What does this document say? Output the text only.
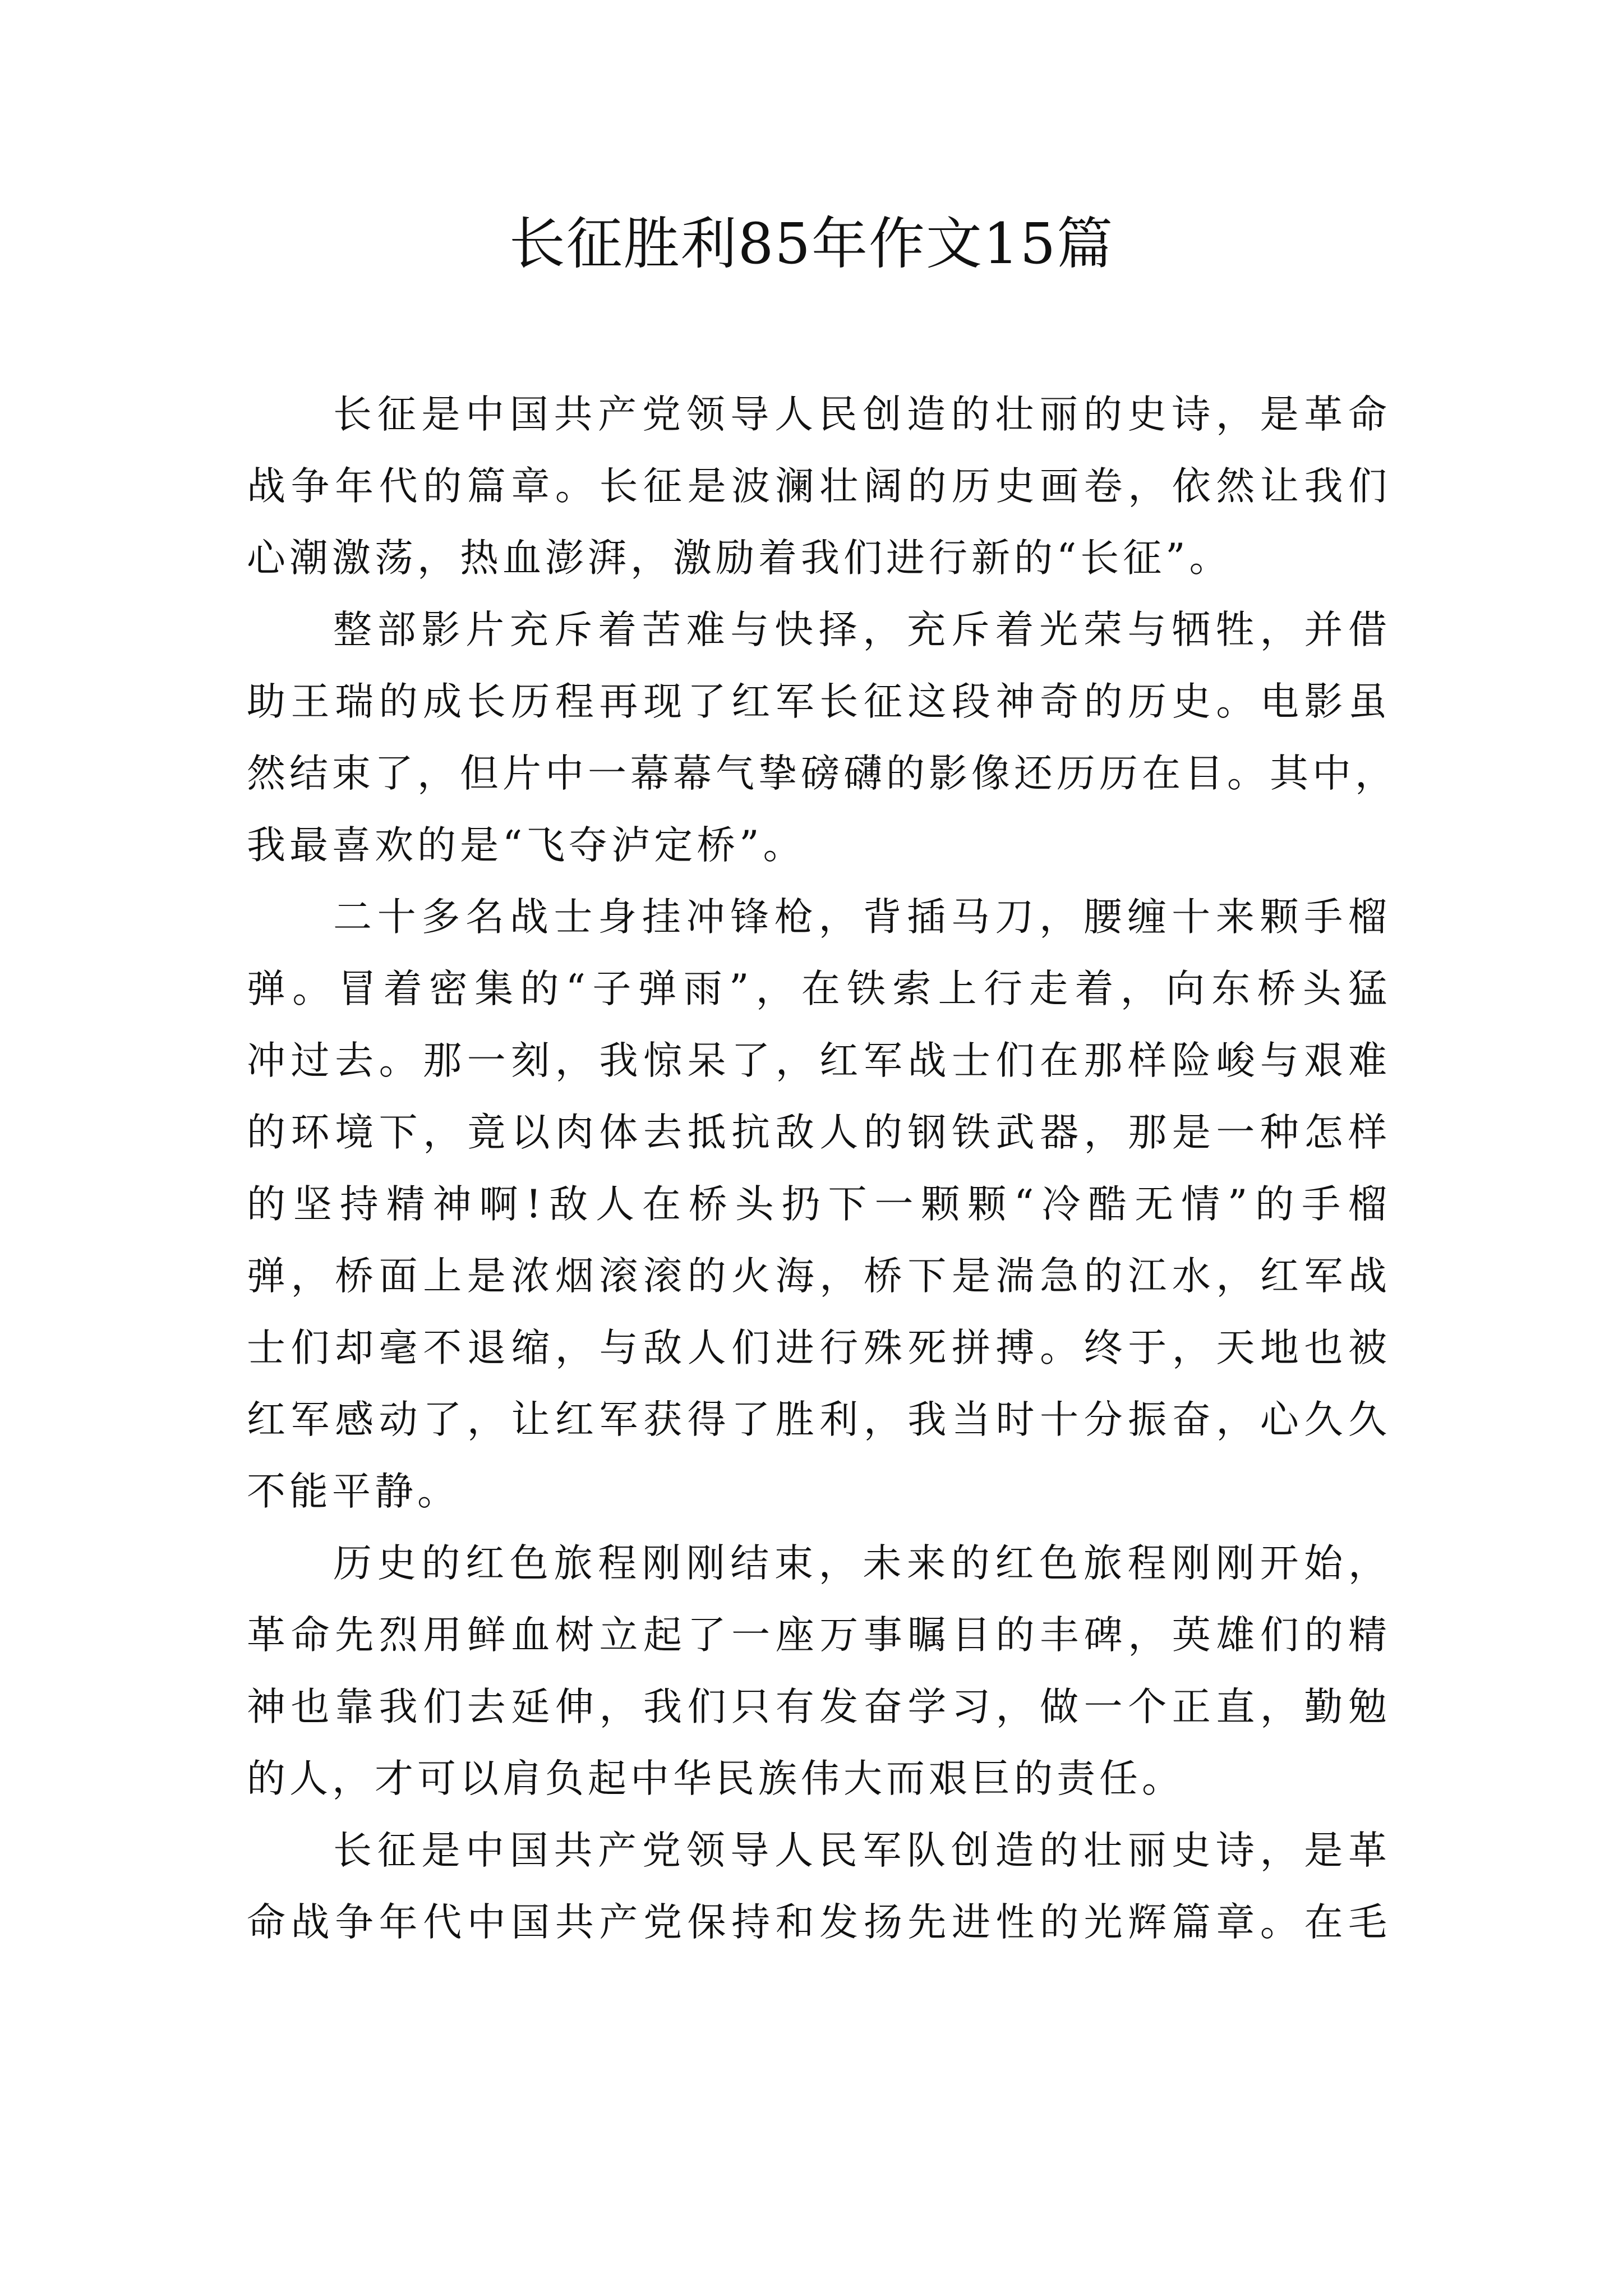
长征胜利85年作文15篇
长征是中国共产党领导人民创造的壮丽的史诗，是革命
战争年代的篇章。长征是波澜壮阔的历史画卷，依然让我们
心潮激荡，热血澎湃，激励着我们进行新的“长征”。
整部影片充斥着苦难与快择，充斥着光荣与牺牲，并借
助王瑞的成长历程再现了红军长征这段神奇的历史。电影虽
然结束了，但片中一幕幕气挚磅礴的影像还历历在目。其中，
我最喜欢的是“飞夺泸定桥”。
二十多名战士身挂冲锋枪，背插马刀，腰缠十来颗手榴
弹。冒着密集的“子弹雨”，在铁索上行走着，向东桥头猛
冲过去。那一刻，我惊呆了，红军战士们在那样险峻与艰难
的环境下，竟以肉体去抵抗敌人的钢铁武器，那是一种怎样
的坚持精神啊!敌人在桥头扔下一颗颗“冷酷无情”的手榴
弹，桥面上是浓烟滚滚的火海，桥下是湍急的江水，红军战
士们却毫不退缩，与敌人们进行殊死拼搏。终于，天地也被
红军感动了，让红军获得了胜利，我当时十分振奋，心久久
不能平静。
历史的红色旅程刚刚结束，未来的红色旅程刚刚开始，
革命先烈用鲜血树立起了一座万事瞩目的丰碑，英雄们的精
神也靠我们去延伸，我们只有发奋学习，做一个正直，勤勉
的人，才可以肩负起中华民族伟大而艰巨的责任。
长征是中国共产党领导人民军队创造的壮丽史诗，是革
命战争年代中国共产党保持和发扬先进性的光辉篇章。在毛
